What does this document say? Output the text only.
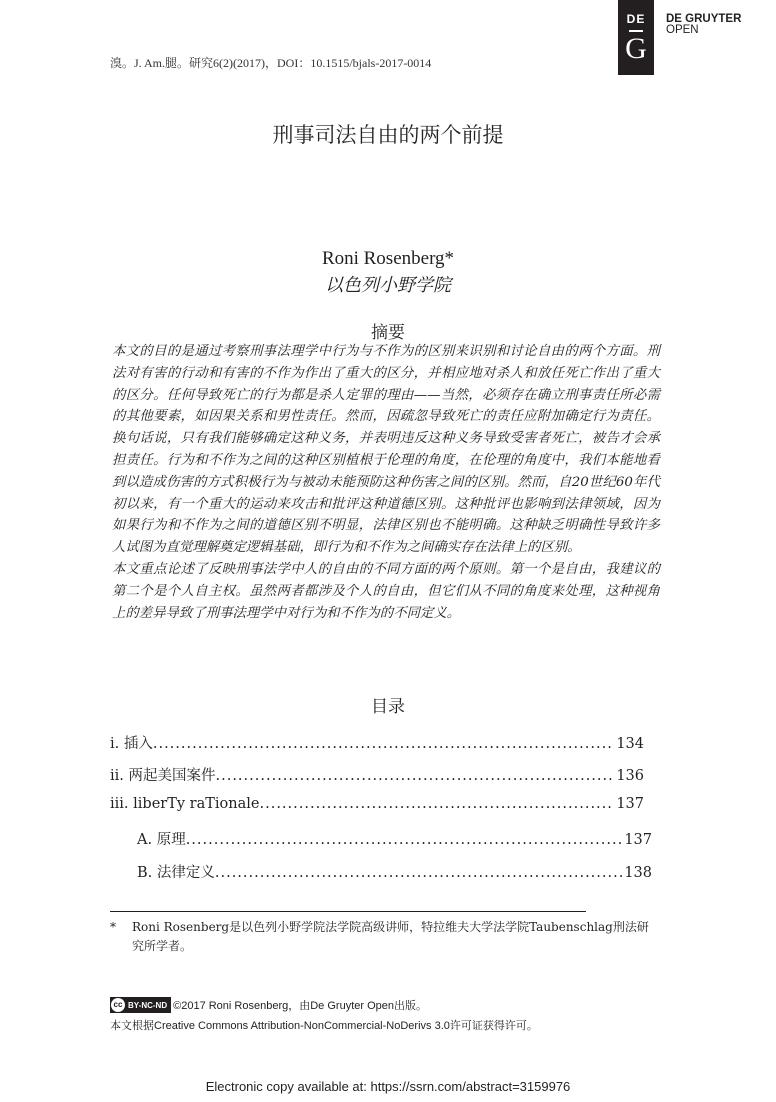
溴。J. Am.腿。研究6(2)(2017)，DOI：10.1515/bjals-2017-0014
DE
G
DE GRUYTER
OPEN
刑事司法自由的两个前提
Roni Rosenberg*
以色列小野学院
摘要

本文的目的是通过考察刑事法理学中行为与不作为的区别来识别和讨论自由的两个方面。刑法对有害的行动和有害的不作为作出了重大的区分，并相应地对杀人和放任死亡作出了重大的区分。任何导致死亡的行为都是杀人定罪的理由——当然，必须存在确立刑事责任所必需的其他要素，如因果关系和男性责任。然而，因疏忽导致死亡的责任应附加确定行为责任。换句话说，只有我们能够确定这种义务，并表明违反这种义务导致受害者死亡，被告才会承担责任。行为和不作为之间的这种区别植根于伦理的角度，在伦理的角度中，我们本能地看到以造成伤害的方式积极行为与被动未能预防这种伤害之间的区别。然而，自20世纪60年代初以来，有一个重大的运动来攻击和批评这种道德区别。这种批评也影响到法律领域，因为如果行为和不作为之间的道德区别不明显，法律区别也不能明确。这种缺乏明确性导致许多人试图为直觉理解奠定逻辑基础，即行为和不作为之间确实存在法律上的区别。

本文重点论述了反映刑事法学中人的自由的不同方面的两个原则。第一个是自由，我建议的第二个是个人自主权。虽然两者都涉及个人的自由，但它们从不同的角度来处理，这种视角上的差异导致了刑事法理学中对行为和不作为的不同定义。

目录
i. 插入 .....	134
ii. 两起美国案件 .....	136
iii. liberTy raTionale .....	137
A. 原理 .....	137
B. 法律定义 .....	138
* Roni Rosenberg是以色列小野学院法学院高级讲师，特拉维夫大学法学院Taubenschlag刑法研究所学者。
cc BY-NC-ND ©2017 Roni Rosenberg，由De Gruyter Open出版。
本文根据Creative Commons Attribution-NonCommercial-NoDerivs 3.0许可证获得许可。
Electronic copy available at: https://ssrn.com/abstract=3159976
